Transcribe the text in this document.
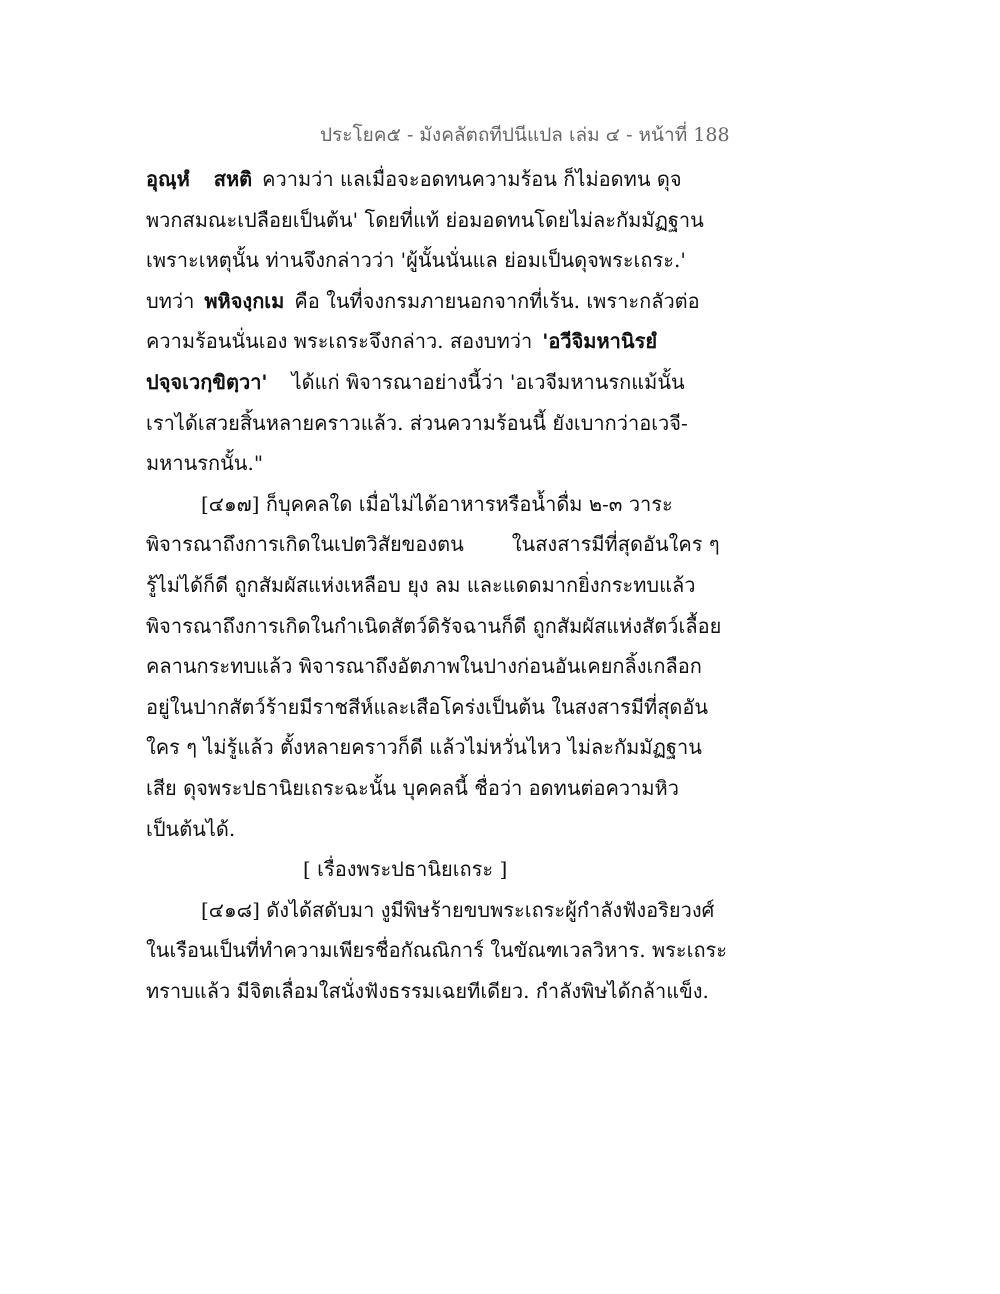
ประโยค๕ - มังคลัตถทีปนีแปล เล่ม ๔ - หน้าที่ 188
อุณฺหํ สหติ ความว่า แลเมื่อจะอดทนความร้อน ก็ไม่อดทน ดุจ
พวกสมณะเปลือยเป็นต้น' โดยที่แท้ ย่อมอดทนโดยไม่ละกัมมัฏฐาน
เพราะเหตุนั้น ท่านจึงกล่าวว่า 'ผู้นั้นนั่นแล ย่อมเป็นดุจพระเถระ.'
บทว่า พหิจงฺกเม คือ ในที่จงกรมภายนอกจากที่เร้น. เพราะกลัวต่อ
ความร้อนนั่นเอง พระเถระจึงกล่าว. สองบทว่า 'อวีจิมหานิรยํ
ปจฺจเวกฺขิตฺวา' ได้แก่ พิจารณาอย่างนี้ว่า 'อเวจีมหานรกแม้นั้น
เราได้เสวยสิ้นหลายคราวแล้ว. ส่วนความร้อนนี้ ยังเบากว่าอเวจี-
มหานรกนั้น."
[๔๑๗] ก็บุคคลใด เมื่อไม่ได้อาหารหรือน้ำดื่ม ๒-๓ วาระ
พิจารณาถึงการเกิดในเปตวิสัยของตน ในสงสารมีที่สุดอันใคร ๆ
รู้ไม่ได้ก็ดี ถูกสัมผัสแห่งเหลือบ ยุง ลม และแดดมากยิ่งกระทบแล้ว
พิจารณาถึงการเกิดในกำเนิดสัตว์ดิรัจฉานก็ดี ถูกสัมผัสแห่งสัตว์เลื้อย
คลานกระทบแล้ว พิจารณาถึงอัตภาพในปางก่อนอันเคยกลิ้งเกลือก
อยู่ในปากสัตว์ร้ายมีราชสีห์และเสือโคร่งเป็นต้น ในสงสารมีที่สุดอัน
ใคร ๆ ไม่รู้แล้ว ตั้งหลายคราวก็ดี แล้วไม่หวั่นไหว ไม่ละกัมมัฏฐาน
เสีย ดุจพระปธานิยเถระฉะนั้น บุคคลนี้ ชื่อว่า อดทนต่อความหิว
เป็นต้นได้.
[ เรื่องพระปธานิยเถระ ]
[๔๑๘] ดังได้สดับมา งูมีพิษร้ายขบพระเถระผู้กำลังฟังอริยวงศ์
ในเรือนเป็นที่ทำความเพียรชื่อกัณณิการ์ ในขัณฑเวลวิหาร. พระเถระ
ทราบแล้ว มีจิตเลื่อมใสนั่งฟังธรรมเฉยทีเดียว. กำลังพิษได้กล้าแข็ง.
